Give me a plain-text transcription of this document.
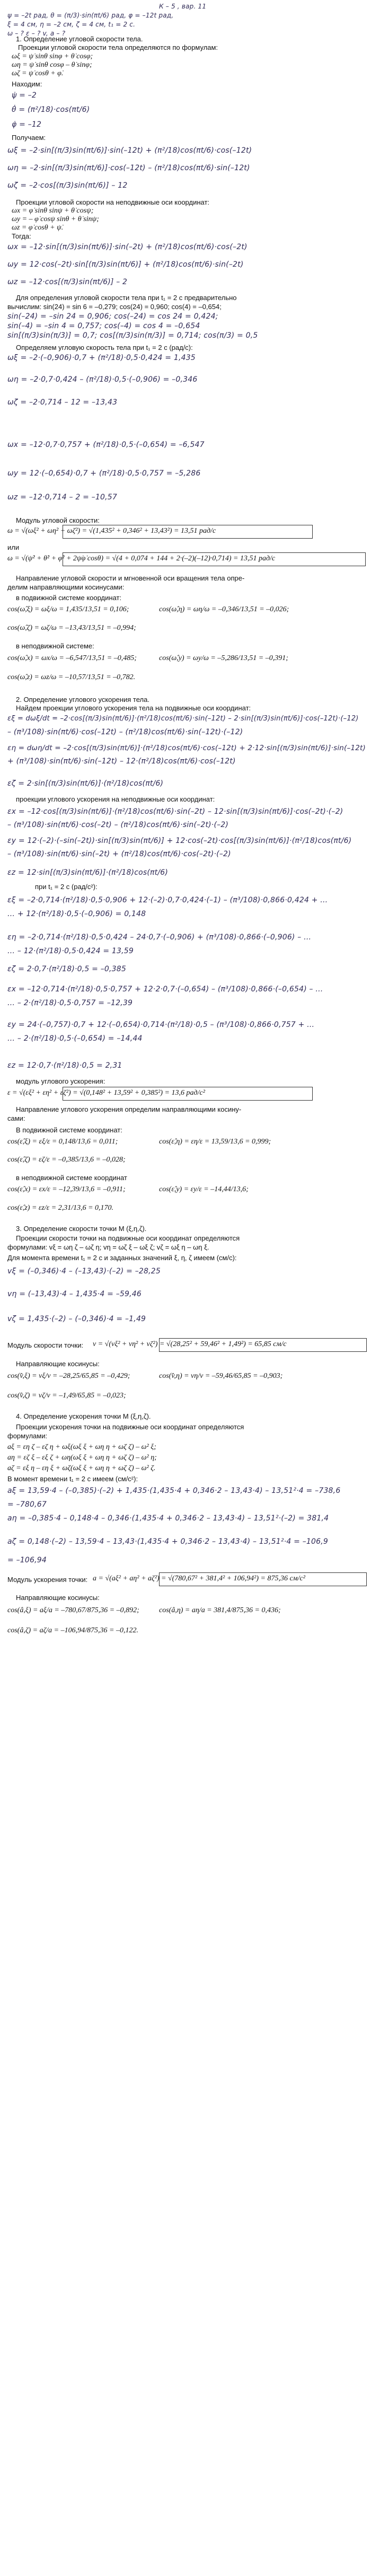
К – 5 , вар. 11
ψ = –2t рад, θ = (π/3)·sin(πt/6) рад, φ = –12t рад,
ξ = 4 см, η = –2 см, ζ = 4 см, t₁ = 2 с.
ω – ? ε – ? v, a – ?
1. Определение угловой скорости тела.
2. Определение углового ускорения тела.
3. Определение скорости точки M (ξ,η,ζ).
4. Определение ускорения точки M (ξ,η,ζ).
Проекции угловой скорости тела определяются по формулам:
ωξ = ψ̇ sinθ sinφ + θ̇ cosφ;
ωη = ψ̇ sinθ cosφ – θ̇ sinφ;
ωζ = ψ̇ cosθ + φ̇.
Находим:
ψ̇ = –2
θ̇ = (π²/18)·cos(πt/6)
φ̇ = –12
Получаем:
ωξ = –2·sin[(π/3)sin(πt/6)]·sin(–12t) + (π²/18)cos(πt/6)·cos(–12t)
ωη = –2·sin[(π/3)sin(πt/6)]·cos(–12t) – (π²/18)cos(πt/6)·sin(–12t)
ωζ = –2·cos[(π/3)sin(πt/6)] – 12
Проекции угловой скорости на неподвижные оси координат:
ωx = φ̇ sinθ sinψ + θ̇ cosψ;
ωy = – φ̇ cosψ sinθ + θ̇ sinψ;
ωz = φ̇ cosθ + ψ̇.
Тогда:
ωx = –12·sin[(π/3)sin(πt/6)]·sin(–2t) + (π²/18)cos(πt/6)·cos(–2t)
ωy = 12·cos(–2t)·sin[(π/3)sin(πt/6)] + (π²/18)cos(πt/6)·sin(–2t)
ωz = –12·cos[(π/3)sin(πt/6)] – 2
Для определения угловой скорости тела при t₁ = 2 с предварительно
вычислим: sin(24) = sin 6 = –0,279; cos(24) = 0,960; cos(4) = –0,654;
sin(–24) = –sin 24 = 0,906; cos(–24) = cos 24 = 0,424;
sin(–4) = –sin 4 = 0,757; cos(–4) = cos 4 = –0,654
sin[(π/3)sin(π/3)] = 0,7; cos[(π/3)sin(π/3)] = 0,714; cos(π/3) = 0,5
Определяем угловую скорость тела при t₁ = 2 с (рад/с):
ωξ = –2·(–0,906)·0,7 + (π²/18)·0,5·0,424 = 1,435
ωη = –2·0,7·0,424 – (π²/18)·0,5·(–0,906) = –0,346
ωζ = –2·0,714 – 12 = –13,43
ωx = –12·0,7·0,757 + (π²/18)·0,5·(–0,654) = –6,547
ωy = 12·(–0,654)·0,7 + (π²/18)·0,5·0,757 = –5,286
ωz = –12·0,714 – 2 = –10,57
Модуль угловой скорости:
ω = √(ωξ² + ωη² + ωζ²) = √(1,435² + 0,346² + 13,43²) = 13,51 рад/с
или
ω = √(ψ̇² + θ̇² + φ̇² + 2ψ̇φ̇ cosθ) = √(4 + 0,074 + 144 + 2·(–2)(–12)·0,714) = 13,51 рад/с
Направление угловой скорости и мгновенной оси вращения тела опре-
делим направляющими косинусами:
в подвижной системе координат:
cos(ω̂,ξ) = ωξ/ω = 1,435/13,51 = 0,106;	cos(ω̂,η) = ωη/ω = –0,346/13,51 = –0,026;
cos(ω̂,ζ) = ωζ/ω = –13,43/13,51 = –0,994;
в неподвижной системе:
cos(ω̂,x) = ωx/ω = –6,547/13,51 = –0,485;	cos(ω̂,y) = ωy/ω = –5,286/13,51 = –0,391;
cos(ω̂,z) = ωz/ω = –10,57/13,51 = –0,782.
Найдем проекции углового ускорения тела на подвижные оси координат:
εξ = dωξ/dt = –2·cos[(π/3)sin(πt/6)]·(π²/18)cos(πt/6)·sin(–12t) – 2·sin[(π/3)sin(πt/6)]·cos(–12t)·(–12)
– (π³/108)·sin(πt/6)·cos(–12t) – (π²/18)cos(πt/6)·sin(–12t)·(–12)
εη = dωη/dt = –2·cos[(π/3)sin(πt/6)]·(π²/18)cos(πt/6)·cos(–12t) + 2·12·sin[(π/3)sin(πt/6)]·sin(–12t)
+ (π³/108)·sin(πt/6)·sin(–12t) – 12·(π²/18)cos(πt/6)·cos(–12t)
εζ = 2·sin[(π/3)sin(πt/6)]·(π²/18)cos(πt/6)
проекции углового ускорения на неподвижные оси координат:
εx = –12·cos[(π/3)sin(πt/6)]·(π²/18)cos(πt/6)·sin(–2t) – 12·sin[(π/3)sin(πt/6)]·cos(–2t)·(–2)
– (π³/108)·sin(πt/6)·cos(–2t) – (π²/18)cos(πt/6)·sin(–2t)·(–2)
εy = 12·(–2)·(–sin(–2t))·sin[(π/3)sin(πt/6)] + 12·cos(–2t)·cos[(π/3)sin(πt/6)]·(π²/18)cos(πt/6)
– (π³/108)·sin(πt/6)·sin(–2t) + (π²/18)cos(πt/6)·cos(–2t)·(–2)
εz = 12·sin[(π/3)sin(πt/6)]·(π²/18)cos(πt/6)
при t₁ = 2 с (рад/с²):
εξ = –2·0,714·(π²/18)·0,5·0,906 + 12·(–2)·0,7·0,424·(–1) – (π³/108)·0,866·0,424 + …
… + 12·(π²/18)·0,5·(–0,906) = 0,148
εη = –2·0,714·(π²/18)·0,5·0,424 – 24·0,7·(–0,906) + (π³/108)·0,866·(–0,906) – …
… – 12·(π²/18)·0,5·0,424 = 13,59
εζ = 2·0,7·(π²/18)·0,5 = –0,385
εx = –12·0,714·(π²/18)·0,5·0,757 + 12·2·0,7·(–0,654) – (π³/108)·0,866·(–0,654) – …
… – 2·(π²/18)·0,5·0,757 = –12,39
εy = 24·(–0,757)·0,7 + 12·(–0,654)·0,714·(π²/18)·0,5 – (π³/108)·0,866·0,757 + …
… – 2·(π²/18)·0,5·(–0,654) = –14,44
εz = 12·0,7·(π²/18)·0,5 = 2,31
модуль углового ускорения:
ε = √(εξ² + εη² + εζ²) = √(0,148² + 13,59² + 0,385²) = 13,6 рад/с²
Направление углового ускорения определим направляющими косину-
сами:
В подвижной системе координат:
cos(ε̂,ξ) = εξ/ε = 0,148/13,6 = 0,011;	cos(ε̂,η) = εη/ε = 13,59/13,6 = 0,999;
cos(ε̂,ζ) = εζ/ε = –0,385/13,6 = –0,028;
в неподвижной системе координат
cos(ε̂,x) = εx/ε = –12,39/13,6 = –0,911;	cos(ε̂,y) = εy/ε = –14,44/13,6;
cos(ε̂,z) = εz/ε = 2,31/13,6 = 0,170.
Проекции скорости точки на подвижные оси координат определяются
формулами: vξ = ωη ζ – ωζ η; vη = ωζ ξ – ωξ ζ; vζ = ωξ η – ωη ξ.
Для момента времени t₁ = 2 с и заданных значений ξ, η, ζ имеем (см/с):
vξ = (–0,346)·4 – (–13,43)·(–2) = –28,25
vη = (–13,43)·4 – 1,435·4 = –59,46
vζ = 1,435·(–2) – (–0,346)·4 = –1,49
Модуль скорости точки: v = √(vξ² + vη² + vζ²) = √(28,25² + 59,46² + 1,49²) = 65,85 см/с
Направляющие косинусы:
cos(v̂,ξ) = vξ/v = –28,25/65,85 = –0,429;	cos(v̂,η) = vη/v = –59,46/65,85 = –0,903;
cos(v̂,ζ) = vζ/v = –1,49/65,85 = –0,023;
Проекции ускорения точки на подвижные оси координат определяются
формулами:
aξ = εη ζ – εζ η + ωξ(ωξ ξ + ωη η + ωζ ζ) – ω² ξ;
aη = εζ ξ – εξ ζ + ωη(ωξ ξ + ωη η + ωζ ζ) – ω² η;
aζ = εξ η – εη ξ + ωζ(ωξ ξ + ωη η + ωζ ζ) – ω² ζ.
В момент времени t₁ = 2 с имеем (см/с²):
aξ = 13,59·4 – (–0,385)·(–2) + 1,435·(1,435·4 + 0,346·2 – 13,43·4) – 13,51²·4 = –738,6
= –780,67
aη = –0,385·4 – 0,148·4 – 0,346·(1,435·4 + 0,346·2 – 13,43·4) – 13,51²·(–2) = 381,4
aζ = 0,148·(–2) – 13,59·4 – 13,43·(1,435·4 + 0,346·2 – 13,43·4) – 13,51²·4 = –106,9
= –106,94
Модуль ускорения точки: a = √(aξ² + aη² + aζ²) = √(780,67² + 381,4² + 106,94²) = 875,36 см/с²
Направляющие косинусы:
cos(â,ξ) = aξ/a = –780,67/875,36 = –0,892;	cos(â,η) = aη/a = 381,4/875,36 = 0,436;
cos(â,ζ) = aζ/a = –106,94/875,36 = –0,122.
